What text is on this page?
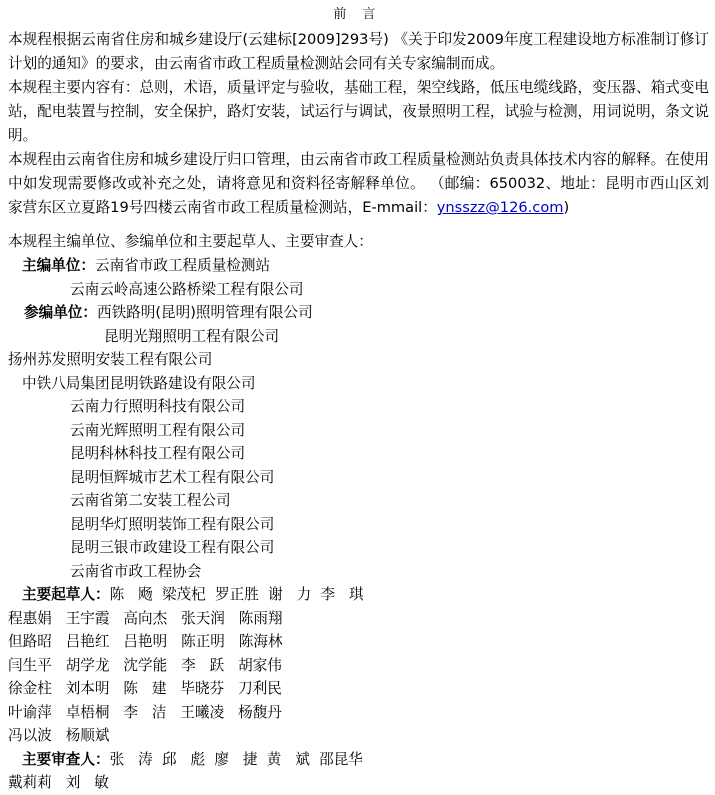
前 言

本规程根据云南省住房和城乡建设厅(云建标[2009]293号) 《关于印发2009年度工程建设地方标准制订修订计划的通知》的要求，由云南省市政工程质量检测站会同有关专家编制而成。

本规程主要内容有：总则，术语，质量评定与验收，基础工程，架空线路，低压电缆线路，变压器、箱式变电站，配电装置与控制，安全保护，路灯安装，试运行与调试，夜景照明工程，试验与检测，用词说明，条文说明。

本规程由云南省住房和城乡建设厅归口管理，由云南省市政工程质量检测站负责具体技术内容的解释。在使用中如发现需要修改或补充之处，请将意见和资料径寄解释单位。 （邮编：650032、地址：昆明市西山区刘家营东区立夏路19号四楼云南省市政工程质量检测站，E-mmail：ynsszz@126.com)

本规程主编单位、参编单位和主要起草人、主要审查人：

主编单位：云南省市政工程质量检测站
云南云岭高速公路桥梁工程有限公司
参编单位：西铁路明(昆明)照明管理有限公司
昆明光翔照明工程有限公司
扬州苏发照明安装工程有限公司
中铁八局集团昆明铁路建设有限公司
云南力行照明科技有限公司
云南光辉照明工程有限公司
昆明科林科技工程有限公司
昆明恒辉城市艺术工程有限公司
云南省第二安装工程公司
昆明华灯照明装饰工程有限公司
昆明三银市政建设工程有限公司
云南省市政工程协会
主要起草人：陈   飏  梁茂杞  罗正胜  谢   力  李   琪
程惠娟   王宇霞   高向杰   张天润   陈雨翔
但路昭   吕艳红   吕艳明   陈正明   陈海林
闫生平   胡学龙   沈学能   李   跃   胡家伟
徐金柱   刘本明   陈   建   毕晓芬   刀利民
叶谕萍   卓梧桐   李   洁   王曦凌   杨馥丹
冯以波   杨顺斌
主要审查人：张   涛  邱   彪  廖   捷  黄   斌  邵昆华
戴莉莉   刘   敏
